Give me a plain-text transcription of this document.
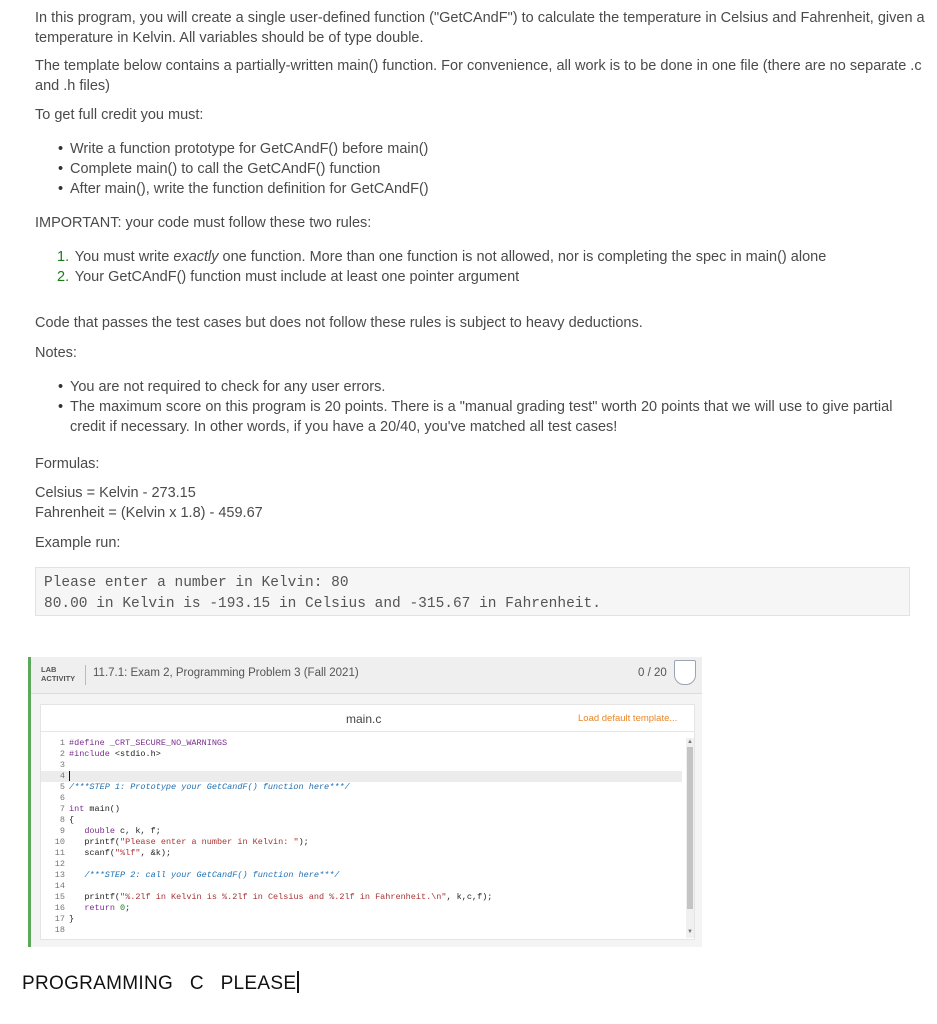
In this program, you will create a single user-defined function ("GetCAndF") to calculate the temperature in Celsius and Fahrenheit, given a
temperature in Kelvin. All variables should be of type double.

The template below contains a partially-written main() function. For convenience, all work is to be done in one file (there are no separate .c
and .h files)

To get full credit you must:

• Write a function prototype for GetCAndF() before main()
• Complete main() to call the GetCAndF() function
• After main(), write the function definition for GetCAndF()

IMPORTANT: your code must follow these two rules:

1. You must write exactly one function. More than one function is not allowed, nor is completing the spec in main() alone
2. Your GetCAndF() function must include at least one pointer argument

Code that passes the test cases but does not follow these rules is subject to heavy deductions.

Notes:

• You are not required to check for any user errors.
• The maximum score on this program is 20 points. There is a "manual grading test" worth 20 points that we will use to give partial
credit if necessary. In other words, if you have a 20/40, you've matched all test cases!

Formulas:

Celsius = Kelvin - 273.15

Fahrenheit = (Kelvin x 1.8) - 459.67

Example run:

Please enter a number in Kelvin: 80
80.00 in Kelvin is -193.15 in Celsius and -315.67 in Fahrenheit.
LAB
ACTIVITY 11.7.1: Exam 2, Programming Problem 3 (Fall 2021)	0 / 20
main.c	Load default template...
1 #define _CRT_SECURE_NO_WARNINGS
2 #include <stdio.h>
3
4
5 /***STEP 1: Prototype your GetCandF() function here***/
6
7 int main()
8 {
9 double c, k, f;
10 printf("Please enter a number in Kelvin: ");
11 scanf("%lf", &k);
12
13 /***STEP 2: call your GetCandF() function here***/
14
15 printf("%.2lf in Kelvin is %.2lf in Celsius and %.2lf in Fahrenheit.\n", k,c,f);
16 return 0;
17 }
18
▲
▼
PROGRAMMING   C   PLEASE
